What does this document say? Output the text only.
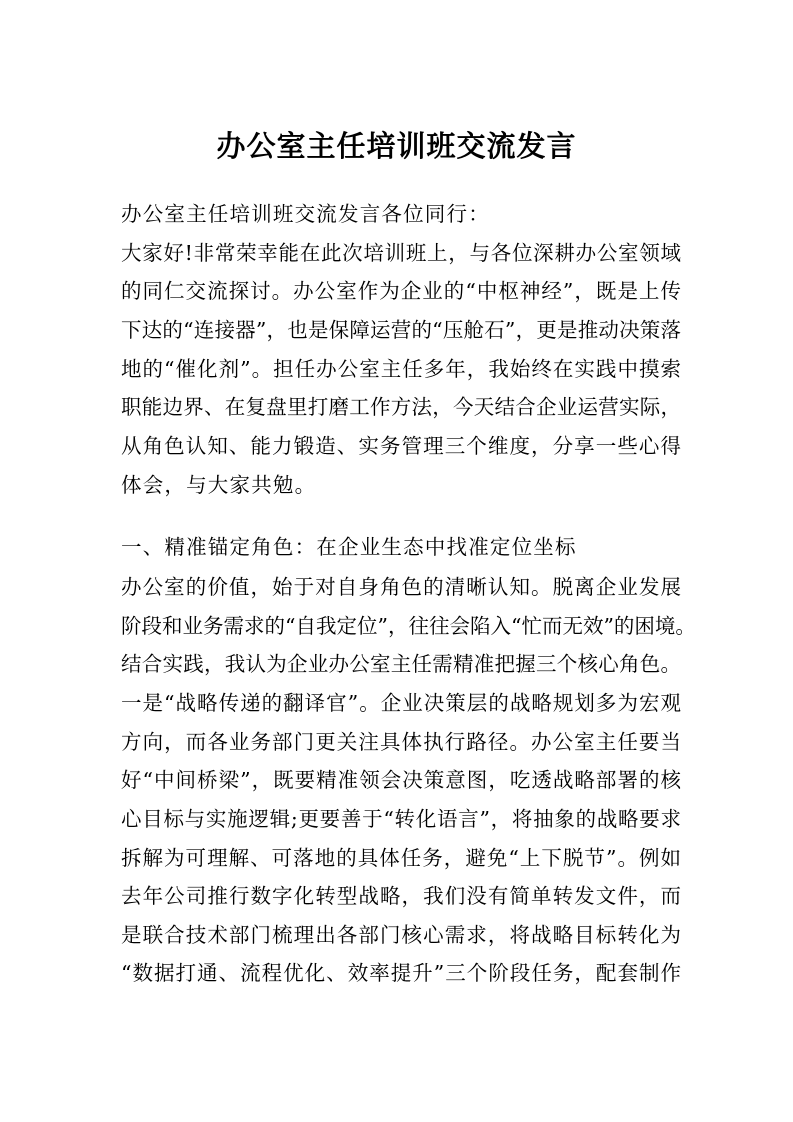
办公室主任培训班交流发言
办公室主任培训班交流发言各位同行：
大家好!非常荣幸能在此次培训班上，与各位深耕办公室领域
的同仁交流探讨。办公室作为企业的“中枢神经”，既是上传
下达的“连接器”，也是保障运营的“压舱石”，更是推动决策落
地的“催化剂”。担任办公室主任多年，我始终在实践中摸索
职能边界、在复盘里打磨工作方法，今天结合企业运营实际，
从角色认知、能力锻造、实务管理三个维度，分享一些心得
体会，与大家共勉。
一、精准锚定角色：在企业生态中找准定位坐标
办公室的价值，始于对自身角色的清晰认知。脱离企业发展
阶段和业务需求的“自我定位”，往往会陷入“忙而无效”的困境。
结合实践，我认为企业办公室主任需精准把握三个核心角色。
一是“战略传递的翻译官”。企业决策层的战略规划多为宏观
方向，而各业务部门更关注具体执行路径。办公室主任要当
好“中间桥梁”，既要精准领会决策意图，吃透战略部署的核
心目标与实施逻辑;更要善于“转化语言”，将抽象的战略要求
拆解为可理解、可落地的具体任务，避免“上下脱节”。例如
去年公司推行数字化转型战略，我们没有简单转发文件，而
是联合技术部门梳理出各部门核心需求，将战略目标转化为
“数据打通、流程优化、效率提升”三个阶段任务，配套制作
